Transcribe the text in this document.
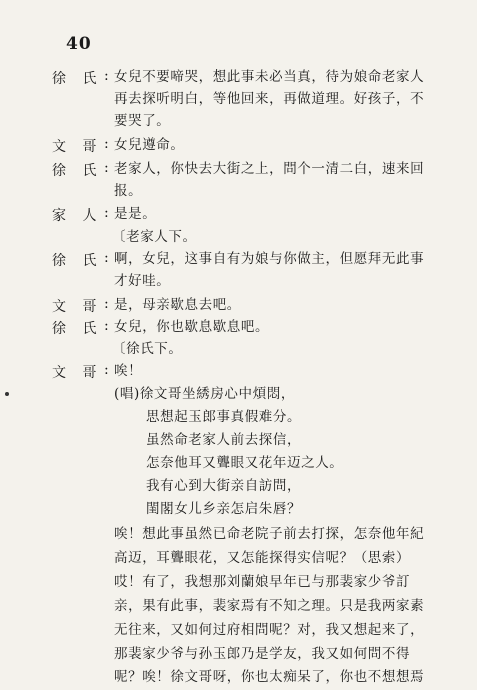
40
徐 氏 : 女兒不要啼哭，想此事未必当真，待为娘命老家人
再去探听明白，等他回来，再做道理。好孩子，不
要哭了。
文 哥 : 女兒遵命。
徐 氏 : 老家人，你快去大街之上，問个一清二白，速来回
报。
家 人 : 是是。
〔老家人下。
徐 氏 : 啊，女兒，这事自有为娘与你做主，但愿拜无此事
才好哇。
文 哥 : 是，母亲歇息去吧。
徐 氏 : 女兒，你也歇息歇息吧。
〔徐氏下。
文 哥 : 唉！
(唱)徐文哥坐綉房心中煩悶，
思想起玉郎事真假难分。
虽然命老家人前去探信，
怎奈他耳又聾眼又花年迈之人。
我有心到大街亲自訪問，
閨閣女儿乡亲怎启朱唇？
唉！想此事虽然已命老院子前去打探，怎奈他年紀
高迈，耳聾眼花，又怎能探得实信呢？（思索）
哎！有了，我想那刘蘭娘早年已与那裴家少爷訂
亲，果有此事，裴家焉有不知之理。只是我两家素
无往来，又如何过府相問呢？对，我又想起来了，
那裴家少爷与孙玉郎乃是学友，我又如何問不得
呢？唉！徐文哥呀，你也太痴呆了，你也不想想焉
